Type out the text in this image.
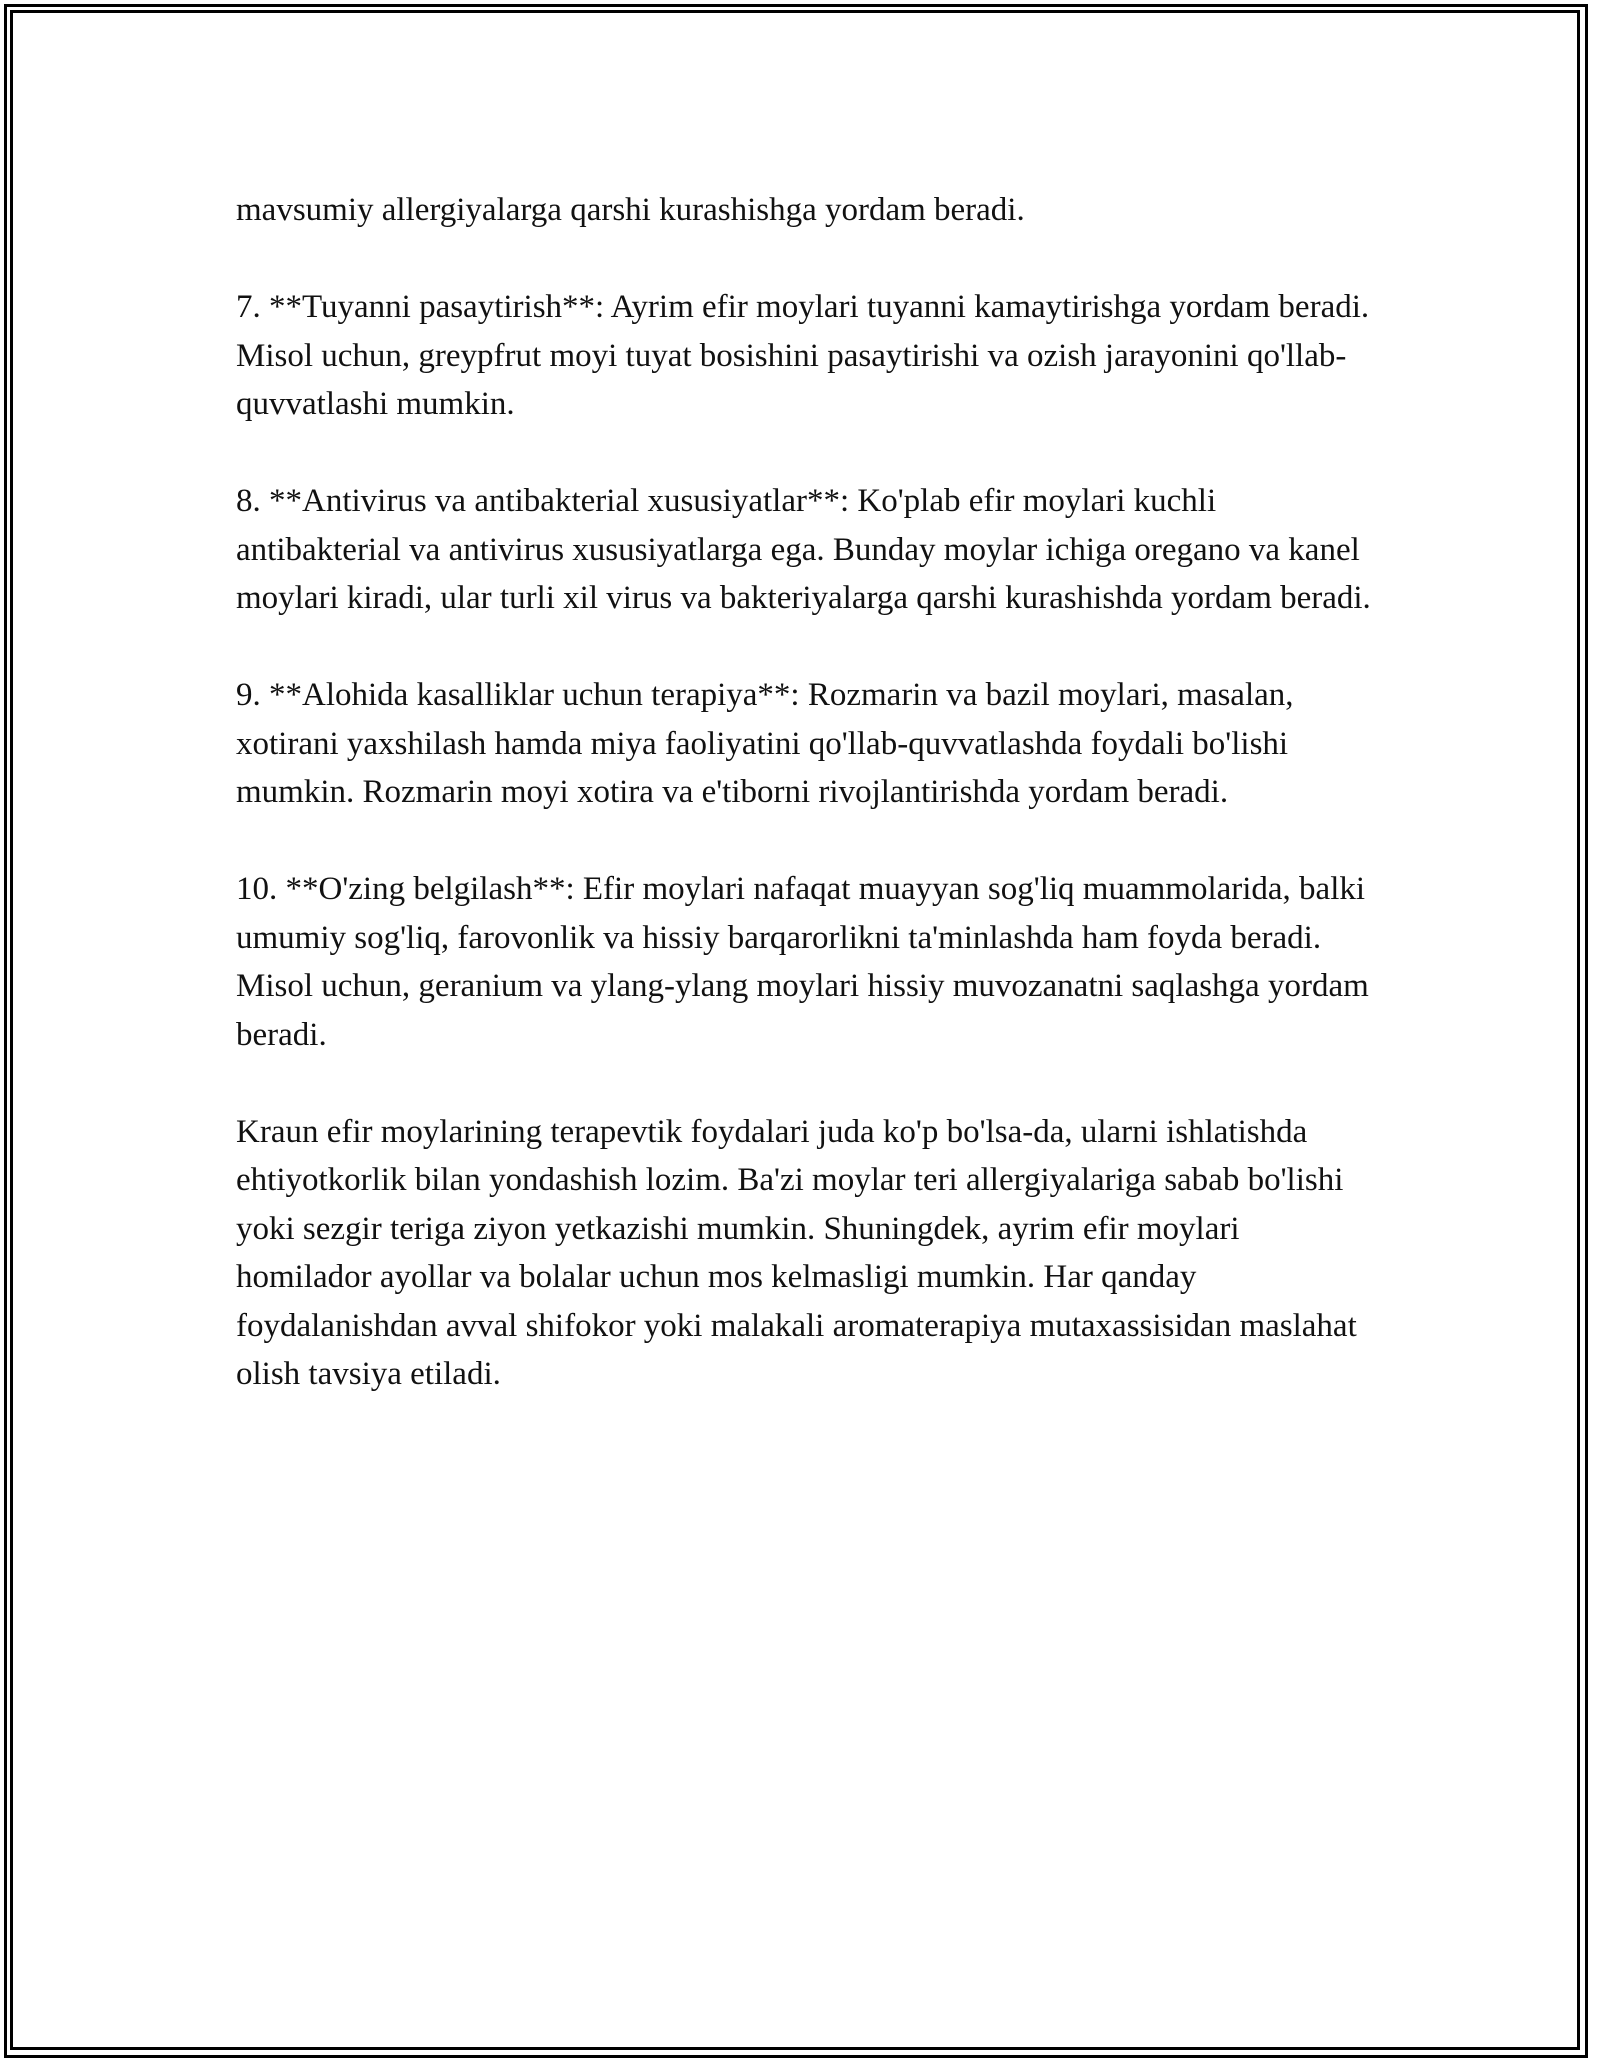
mavsumiy allergiyalarga qarshi kurashishga yordam beradi.

7. **Tuyanni pasaytirish**: Ayrim efir moylari tuyanni kamaytirishga yordam beradi. Misol uchun, greypfrut moyi tuyat bosishini pasaytirishi va ozish jarayonini qo'llab-quvvatlashi mumkin.

8. **Antivirus va antibakterial xususiyatlar**: Ko'plab efir moylari kuchli antibakterial va antivirus xususiyatlarga ega. Bunday moylar ichiga oregano va kanel moylari kiradi, ular turli xil virus va bakteriyalarga qarshi kurashishda yordam beradi.

9. **Alohida kasalliklar uchun terapiya**: Rozmarin va bazil moylari, masalan, xotirani yaxshilash hamda miya faoliyatini qo'llab-quvvatlashda foydali bo'lishi mumkin. Rozmarin moyi xotira va e'tiborni rivojlantirishda yordam beradi.

10. **O'zing belgilash**: Efir moylari nafaqat muayyan sog'liq muammolarida, balki umumiy sog'liq, farovonlik va hissiy barqarorlikni ta'minlashda ham foyda beradi. Misol uchun, geranium va ylang-ylang moylari hissiy muvozanatni saqlashga yordam beradi.

Kraun efir moylarining terapevtik foydalari juda ko'p bo'lsa-da, ularni ishlatishda ehtiyotkorlik bilan yondashish lozim. Ba'zi moylar teri allergiyalariga sabab bo'lishi yoki sezgir teriga ziyon yetkazishi mumkin. Shuningdek, ayrim efir moylari homilador ayollar va bolalar uchun mos kelmasligi mumkin. Har qanday foydalanishdan avval shifokor yoki malakali aromaterapiya mutaxassisidan maslahat olish tavsiya etiladi.
